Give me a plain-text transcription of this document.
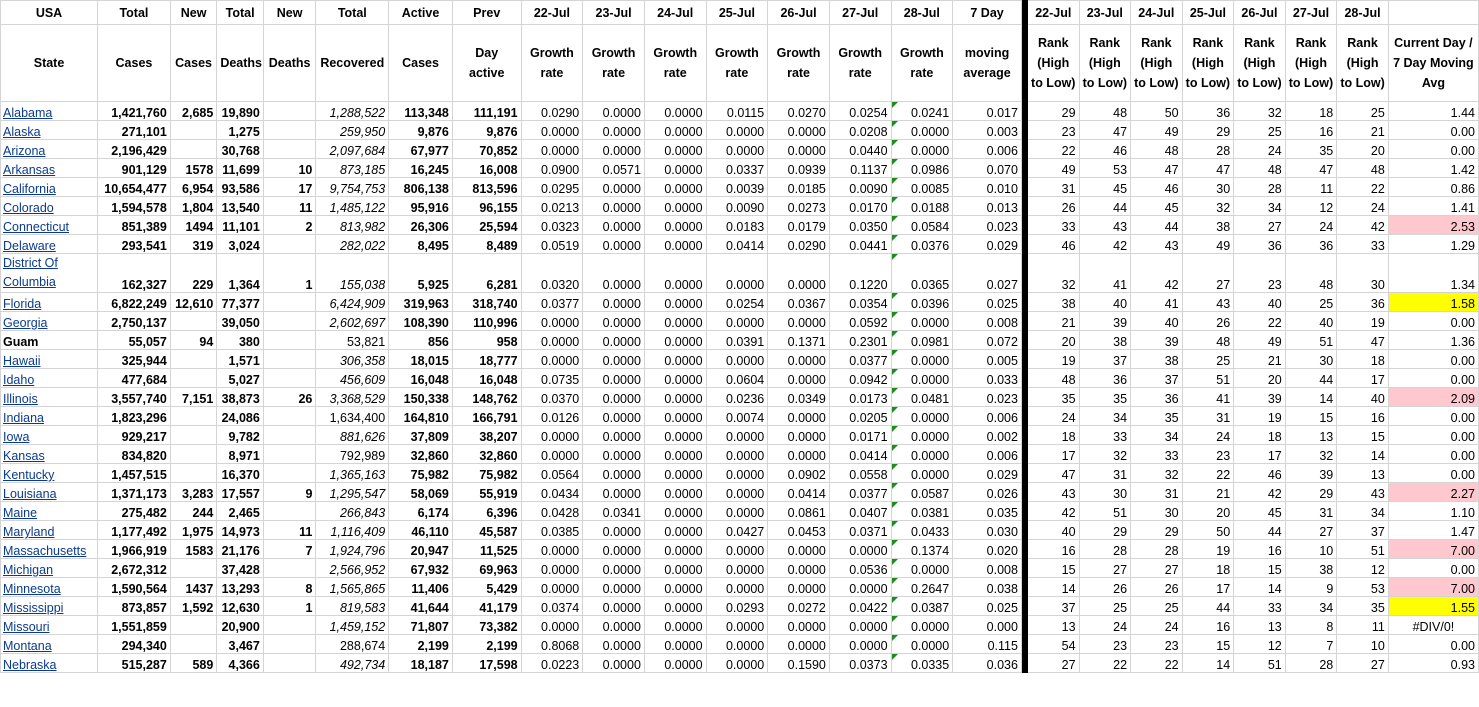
USA	Total	New	Total	New	Total	Active	Prev	22-Jul	23-Jul	24-Jul	25-Jul	26-Jul	27-Jul	28-Jul	7 Day		22-Jul	23-Jul	24-Jul	25-Jul	26-Jul	27-Jul	28-Jul	
State	Cases	Cases	Deaths	Deaths	Recovered	Cases	Day active	Growth rate	Growth rate	Growth rate	Growth rate	Growth rate	Growth rate	Growth rate	moving average		Rank (High to Low)	Rank (High to Low)	Rank (High to Low)	Rank (High to Low)	Rank (High to Low)	Rank (High to Low)	Rank (High to Low)	Current Day / 7 Day Moving Avg
Alabama	1,421,760	2,685	19,890		1,288,522	113,348	111,191	0.0290	0.0000	0.0000	0.0115	0.0270	0.0254	0.0241	0.017		29	48	50	36	32	18	25	1.44
Alaska	271,101		1,275		259,950	9,876	9,876	0.0000	0.0000	0.0000	0.0000	0.0000	0.0208	0.0000	0.003		23	47	49	29	25	16	21	0.00
Arizona	2,196,429		30,768		2,097,684	67,977	70,852	0.0000	0.0000	0.0000	0.0000	0.0000	0.0440	0.0000	0.006		22	46	48	28	24	35	20	0.00
Arkansas	901,129	1578	11,699	10	873,185	16,245	16,008	0.0900	0.0571	0.0000	0.0337	0.0939	0.1137	0.0986	0.070		49	53	47	47	48	47	48	1.42
California	10,654,477	6,954	93,586	17	9,754,753	806,138	813,596	0.0295	0.0000	0.0000	0.0039	0.0185	0.0090	0.0085	0.010		31	45	46	30	28	11	22	0.86
Colorado	1,594,578	1,804	13,540	11	1,485,122	95,916	96,155	0.0213	0.0000	0.0000	0.0090	0.0273	0.0170	0.0188	0.013		26	44	45	32	34	12	24	1.41
Connecticut	851,389	1494	11,101	2	813,982	26,306	25,594	0.0323	0.0000	0.0000	0.0183	0.0179	0.0350	0.0584	0.023		33	43	44	38	27	24	42	2.53
Delaware	293,541	319	3,024		282,022	8,495	8,489	0.0519	0.0000	0.0000	0.0414	0.0290	0.0441	0.0376	0.029		46	42	43	49	36	36	33	1.29
District Of Columbia	162,327	229	1,364	1	155,038	5,925	6,281	0.0320	0.0000	0.0000	0.0000	0.0000	0.1220	0.0365	0.027		32	41	42	27	23	48	30	1.34
Florida	6,822,249	12,610	77,377		6,424,909	319,963	318,740	0.0377	0.0000	0.0000	0.0254	0.0367	0.0354	0.0396	0.025		38	40	41	43	40	25	36	1.58
Georgia	2,750,137		39,050		2,602,697	108,390	110,996	0.0000	0.0000	0.0000	0.0000	0.0000	0.0592	0.0000	0.008		21	39	40	26	22	40	19	0.00
Guam	55,057	94	380		53,821	856	958	0.0000	0.0000	0.0000	0.0391	0.1371	0.2301	0.0981	0.072		20	38	39	48	49	51	47	1.36
Hawaii	325,944		1,571		306,358	18,015	18,777	0.0000	0.0000	0.0000	0.0000	0.0000	0.0377	0.0000	0.005		19	37	38	25	21	30	18	0.00
Idaho	477,684		5,027		456,609	16,048	16,048	0.0735	0.0000	0.0000	0.0604	0.0000	0.0942	0.0000	0.033		48	36	37	51	20	44	17	0.00
Illinois	3,557,740	7,151	38,873	26	3,368,529	150,338	148,762	0.0370	0.0000	0.0000	0.0236	0.0349	0.0173	0.0481	0.023		35	35	36	41	39	14	40	2.09
Indiana	1,823,296		24,086		1,634,400	164,810	166,791	0.0126	0.0000	0.0000	0.0074	0.0000	0.0205	0.0000	0.006		24	34	35	31	19	15	16	0.00
Iowa	929,217		9,782		881,626	37,809	38,207	0.0000	0.0000	0.0000	0.0000	0.0000	0.0171	0.0000	0.002		18	33	34	24	18	13	15	0.00
Kansas	834,820		8,971		792,989	32,860	32,860	0.0000	0.0000	0.0000	0.0000	0.0000	0.0414	0.0000	0.006		17	32	33	23	17	32	14	0.00
Kentucky	1,457,515		16,370		1,365,163	75,982	75,982	0.0564	0.0000	0.0000	0.0000	0.0902	0.0558	0.0000	0.029		47	31	32	22	46	39	13	0.00
Louisiana	1,371,173	3,283	17,557	9	1,295,547	58,069	55,919	0.0434	0.0000	0.0000	0.0000	0.0414	0.0377	0.0587	0.026		43	30	31	21	42	29	43	2.27
Maine	275,482	244	2,465		266,843	6,174	6,396	0.0428	0.0341	0.0000	0.0000	0.0861	0.0407	0.0381	0.035		42	51	30	20	45	31	34	1.10
Maryland	1,177,492	1,975	14,973	11	1,116,409	46,110	45,587	0.0385	0.0000	0.0000	0.0427	0.0453	0.0371	0.0433	0.030		40	29	29	50	44	27	37	1.47
Massachusetts	1,966,919	1583	21,176	7	1,924,796	20,947	11,525	0.0000	0.0000	0.0000	0.0000	0.0000	0.0000	0.1374	0.020		16	28	28	19	16	10	51	7.00
Michigan	2,672,312		37,428		2,566,952	67,932	69,963	0.0000	0.0000	0.0000	0.0000	0.0000	0.0536	0.0000	0.008		15	27	27	18	15	38	12	0.00
Minnesota	1,590,564	1437	13,293	8	1,565,865	11,406	5,429	0.0000	0.0000	0.0000	0.0000	0.0000	0.0000	0.2647	0.038		14	26	26	17	14	9	53	7.00
Mississippi	873,857	1,592	12,630	1	819,583	41,644	41,179	0.0374	0.0000	0.0000	0.0293	0.0272	0.0422	0.0387	0.025		37	25	25	44	33	34	35	1.55
Missouri	1,551,859		20,900		1,459,152	71,807	73,382	0.0000	0.0000	0.0000	0.0000	0.0000	0.0000	0.0000	0.000		13	24	24	16	13	8	11	#DIV/0!
Montana	294,340		3,467		288,674	2,199	2,199	0.8068	0.0000	0.0000	0.0000	0.0000	0.0000	0.0000	0.115		54	23	23	15	12	7	10	0.00
Nebraska	515,287	589	4,366		492,734	18,187	17,598	0.0223	0.0000	0.0000	0.0000	0.1590	0.0373	0.0335	0.036		27	22	22	14	51	28	27	0.93
